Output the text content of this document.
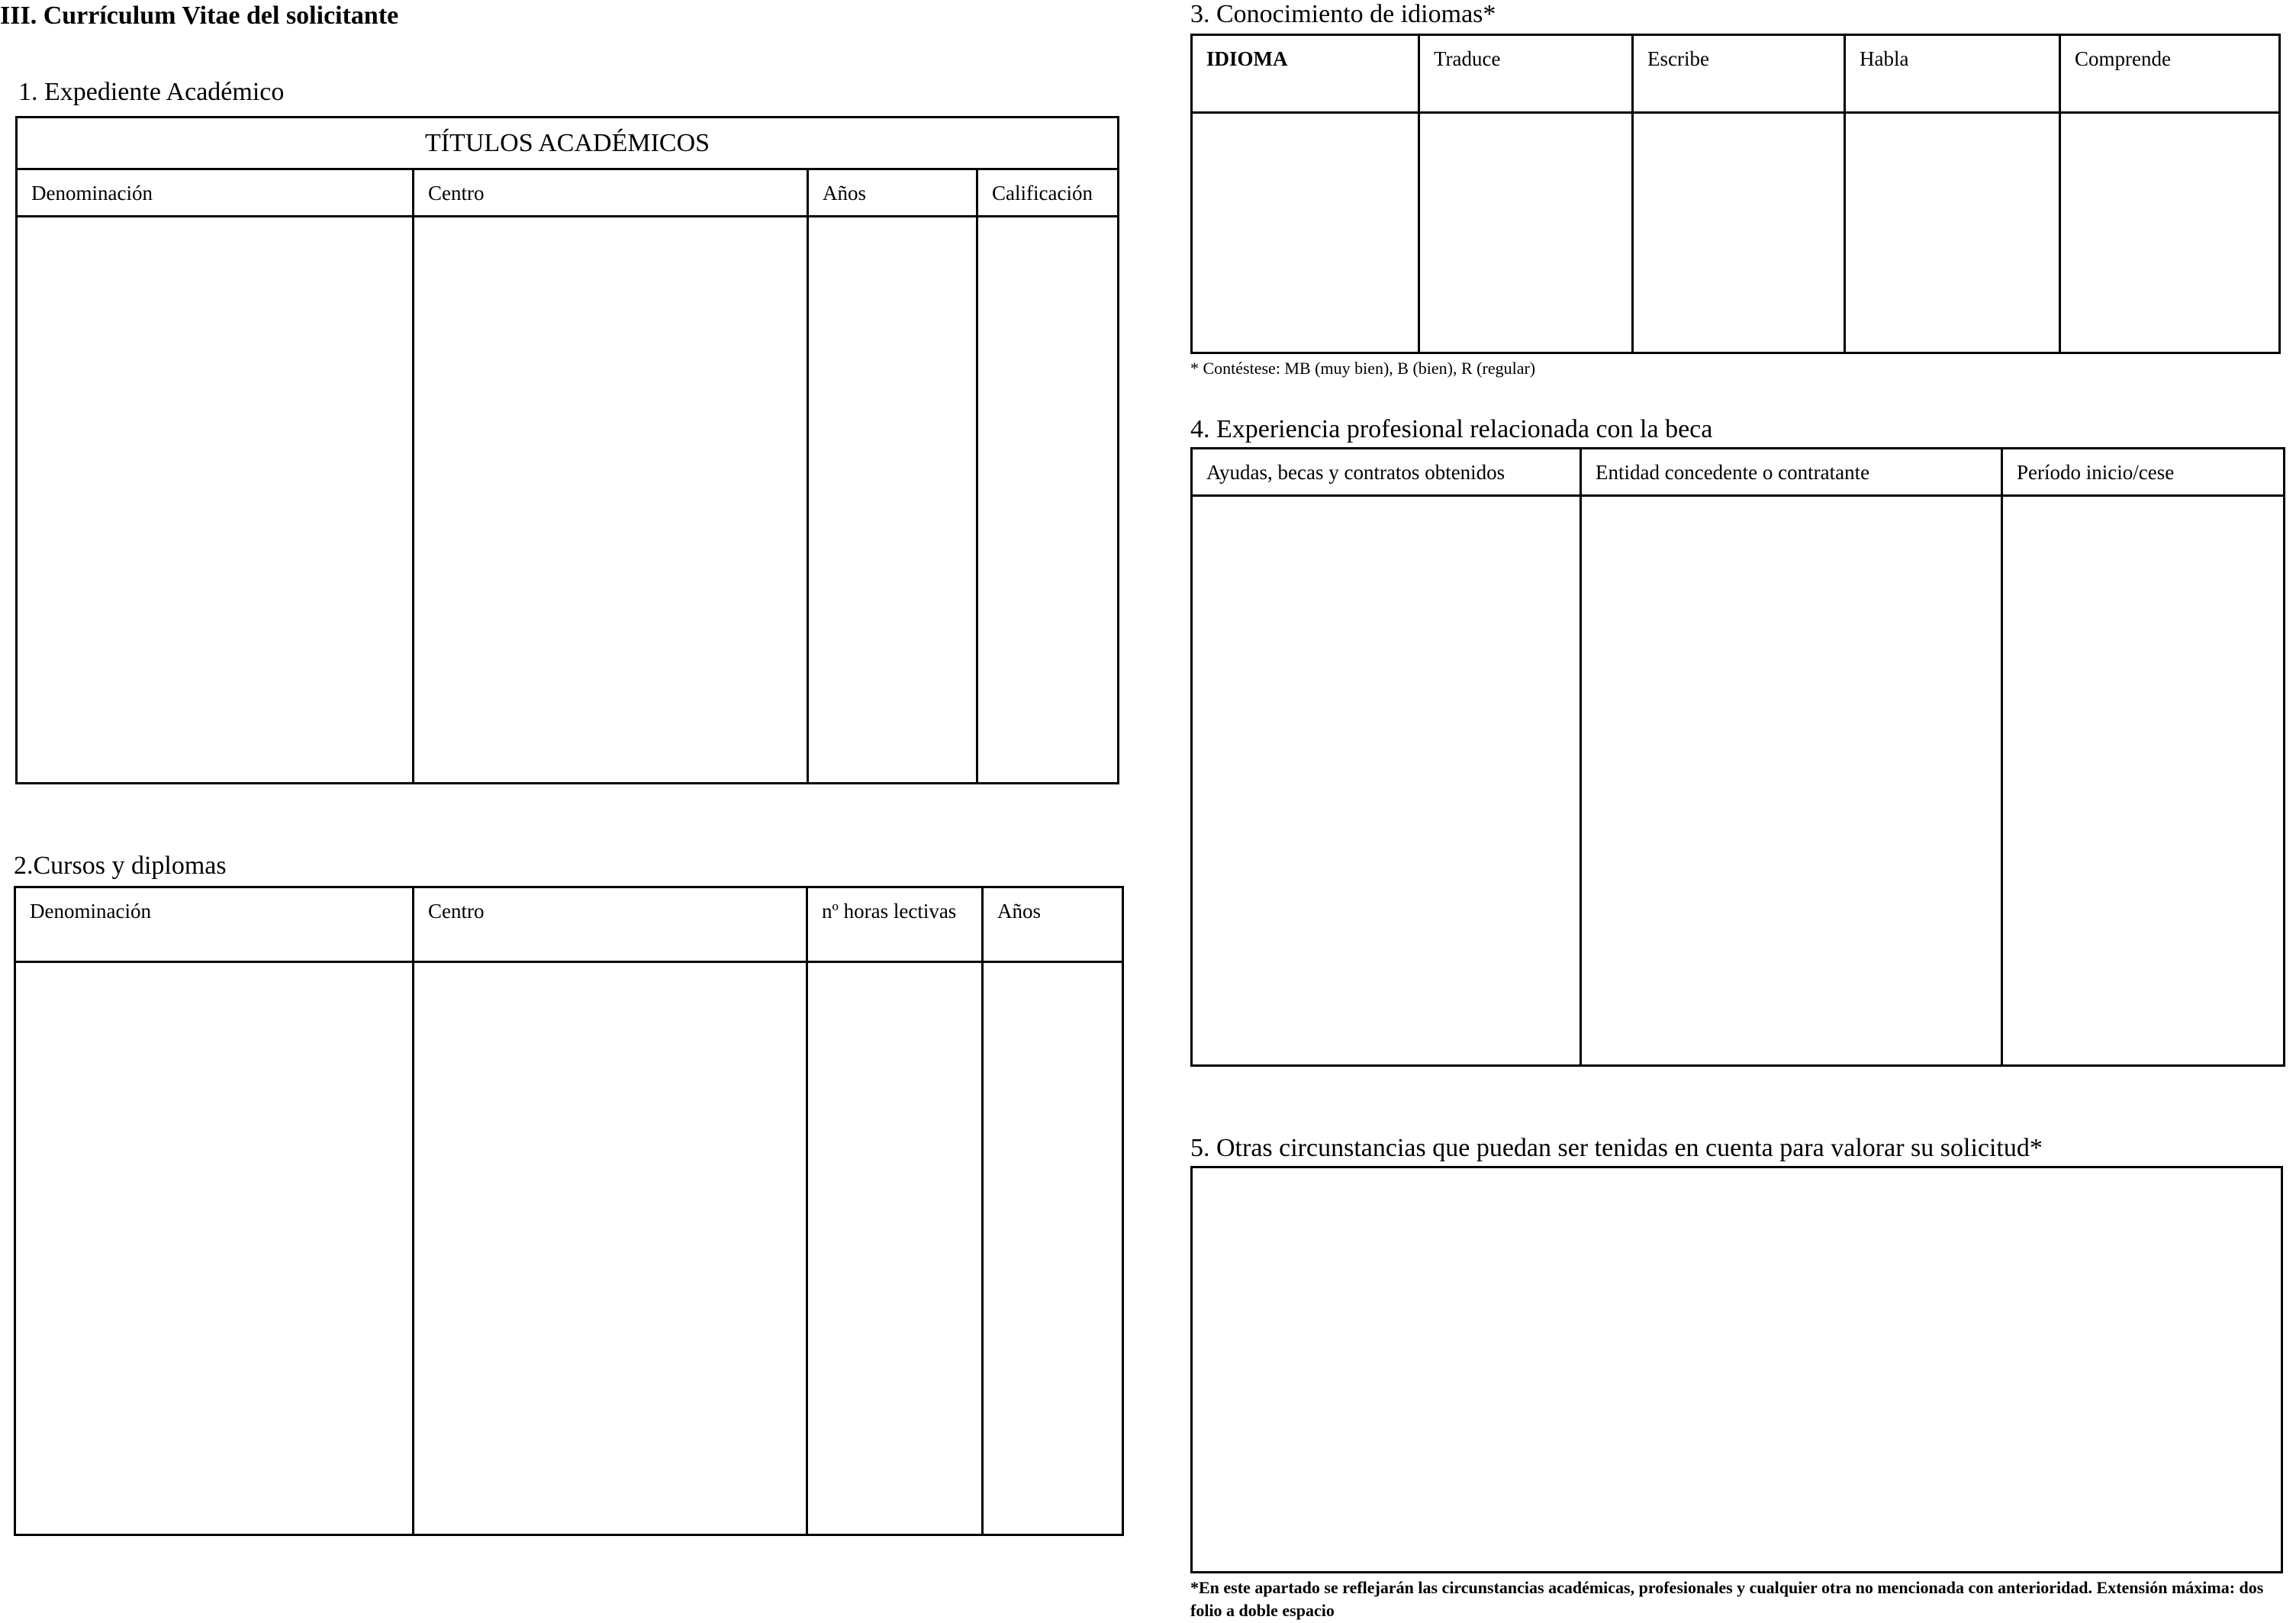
III. Currículum Vitae del solicitante
1. Expediente Académico
TÍTULOS ACADÉMICOS			
Denominación	Centro	Años	Calificación

2.Cursos y diplomas
Denominación	Centro	nº horas lectivas	Años

3. Conocimiento de idiomas*
IDIOMA	Traduce	Escribe	Habla	Comprende

* Contéstese: MB (muy bien), B (bien), R (regular)
4. Experiencia profesional relacionada con la beca
Ayudas, becas y contratos obtenidos	Entidad concedente o contratante	Período inicio/cese

5. Otras circunstancias que puedan ser tenidas en cuenta para valorar su solicitud*
*En este apartado se reflejarán las circunstancias académicas, profesionales y cualquier otra no mencionada con anterioridad. Extensión máxima: dos folio a doble espacio
